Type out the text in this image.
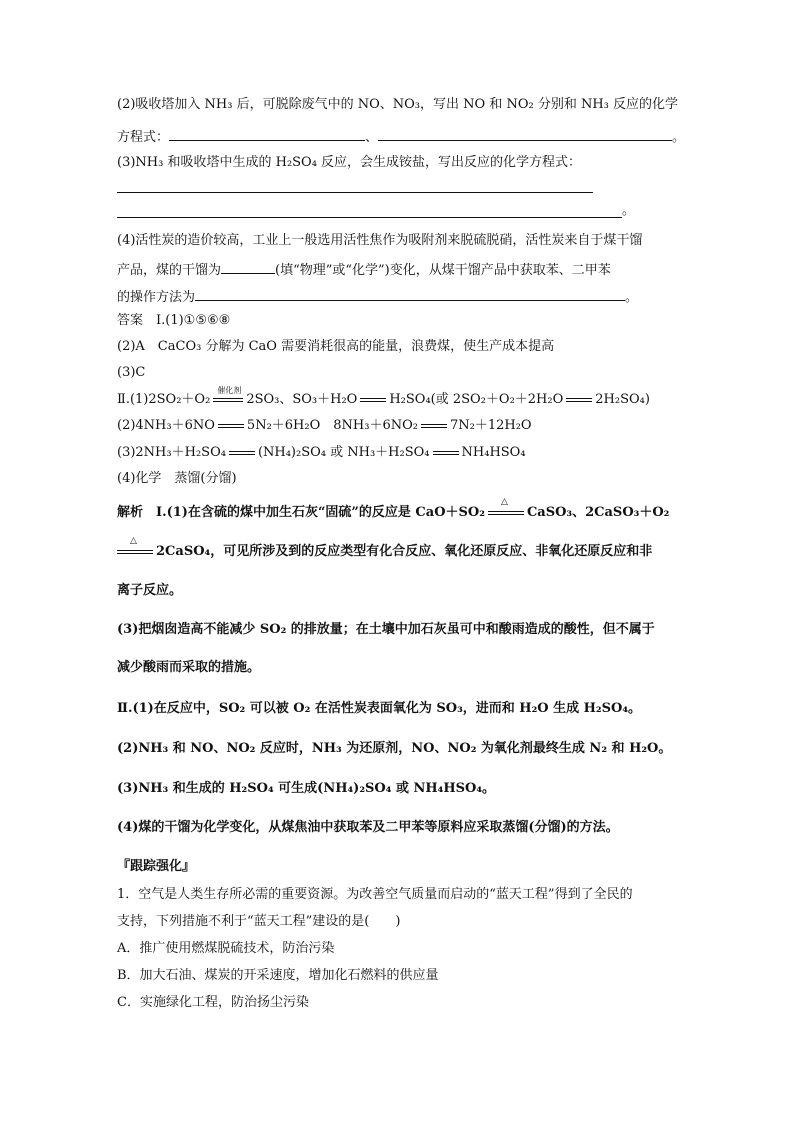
(2)吸收塔加入 NH₃ 后，可脱除废气中的 NO、NO₃，写出 NO 和 NO₂ 分别和 NH₃ 反应的化学
方程式：	、	。
(3)NH₃ 和吸收塔中生成的 H₂SO₄ 反应，会生成铵盐，写出反应的化学方程式：
。
(4)活性炭的造价较高，工业上一般选用活性焦作为吸附剂来脱硫脱硝，活性炭来自于煤干馏
产品，煤的干馏为	(填“物理”或“化学”)变化，从煤干馏产品中获取苯、二甲苯
的操作方法为	。
答案　Ⅰ.(1)①⑤⑥⑧
(2)A　CaCO₃ 分解为 CaO 需要消耗很高的能量，浪费煤，使生产成本提高
(3)C
Ⅱ.(1)2SO₂＋O₂
催化剂
2SO₃、SO₃＋H₂O H₂SO₄(或 2SO₂＋O₂＋2H₂O 2H₂SO₄)
(2)4NH₃＋6NO 5N₂＋6H₂O　8NH₃＋6NO₂ 7N₂＋12H₂O
(3)2NH₃＋H₂SO₄ (NH₄)₂SO₄ 或 NH₃＋H₂SO₄ NH₄HSO₄
(4)化学　蒸馏(分馏)
解析　Ⅰ.(1)在含硫的煤中加生石灰“固硫”的反应是 CaO＋SO₂
△
CaSO₃、2CaSO₃＋O₂
△
2CaSO₄，可见所涉及到的反应类型有化合反应、氧化还原反应、非氧化还原反应和非
离子反应。
(3)把烟囱造高不能减少 SO₂ 的排放量；在土壤中加石灰虽可中和酸雨造成的酸性，但不属于
减少酸雨而采取的措施。
Ⅱ.(1)在反应中，SO₂ 可以被 O₂ 在活性炭表面氧化为 SO₃，进而和 H₂O 生成 H₂SO₄。
(2)NH₃ 和 NO、NO₂ 反应时，NH₃ 为还原剂，NO、NO₂ 为氧化剂最终生成 N₂ 和 H₂O。
(3)NH₃ 和生成的 H₂SO₄ 可生成(NH₄)₂SO₄ 或 NH₄HSO₄。
(4)煤的干馏为化学变化，从煤焦油中获取苯及二甲苯等原料应采取蒸馏(分馏)的方法。
『跟踪强化』
1．空气是人类生存所必需的重要资源。为改善空气质量而启动的“蓝天工程”得到了全民的
支持，下列措施不利于“蓝天工程”建设的是(　　)
A．推广使用燃煤脱硫技术，防治污染
B．加大石油、煤炭的开采速度，增加化石燃料的供应量
C．实施绿化工程，防治扬尘污染
